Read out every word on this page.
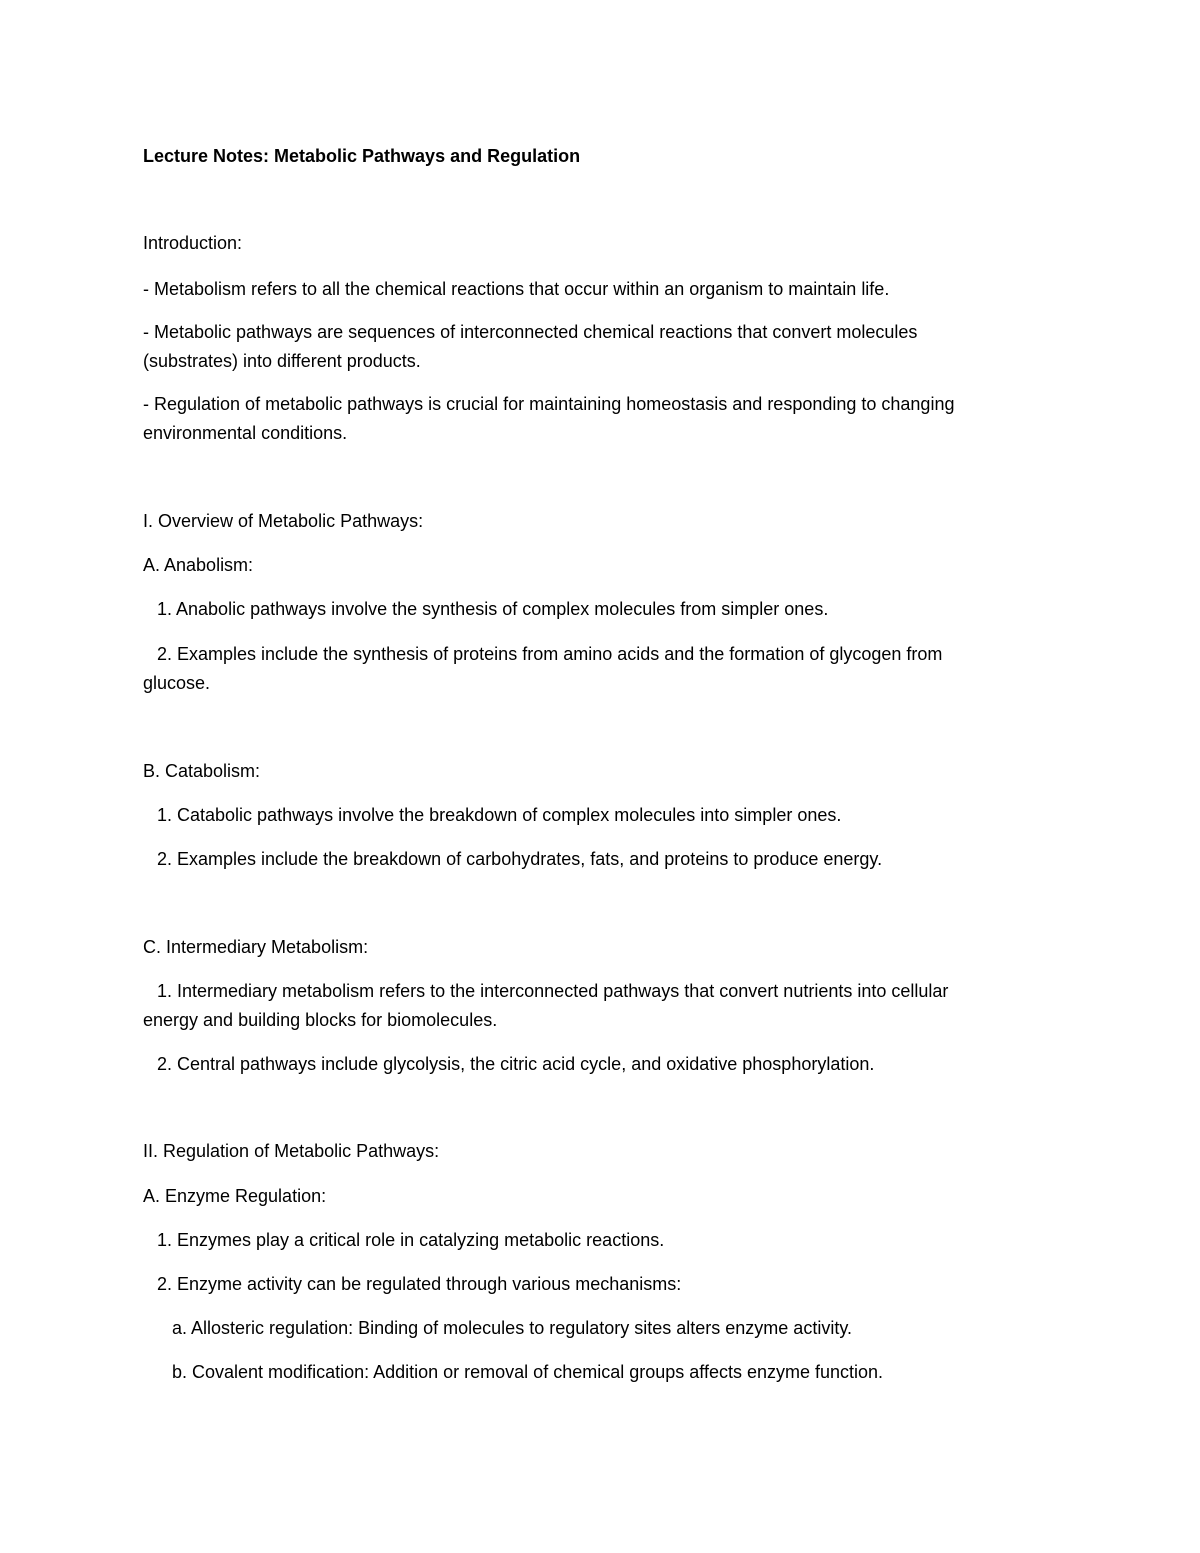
Lecture Notes: Metabolic Pathways and Regulation
Introduction:
- Metabolism refers to all the chemical reactions that occur within an organism to maintain life.
- Metabolic pathways are sequences of interconnected chemical reactions that convert molecules
(substrates) into different products.
- Regulation of metabolic pathways is crucial for maintaining homeostasis and responding to changing
environmental conditions.
I. Overview of Metabolic Pathways:
A. Anabolism:
1. Anabolic pathways involve the synthesis of complex molecules from simpler ones.
2. Examples include the synthesis of proteins from amino acids and the formation of glycogen from
glucose.
B. Catabolism:
1. Catabolic pathways involve the breakdown of complex molecules into simpler ones.
2. Examples include the breakdown of carbohydrates, fats, and proteins to produce energy.
C. Intermediary Metabolism:
1. Intermediary metabolism refers to the interconnected pathways that convert nutrients into cellular
energy and building blocks for biomolecules.
2. Central pathways include glycolysis, the citric acid cycle, and oxidative phosphorylation.
II. Regulation of Metabolic Pathways:
A. Enzyme Regulation:
1. Enzymes play a critical role in catalyzing metabolic reactions.
2. Enzyme activity can be regulated through various mechanisms:
a. Allosteric regulation: Binding of molecules to regulatory sites alters enzyme activity.
b. Covalent modification: Addition or removal of chemical groups affects enzyme function.
